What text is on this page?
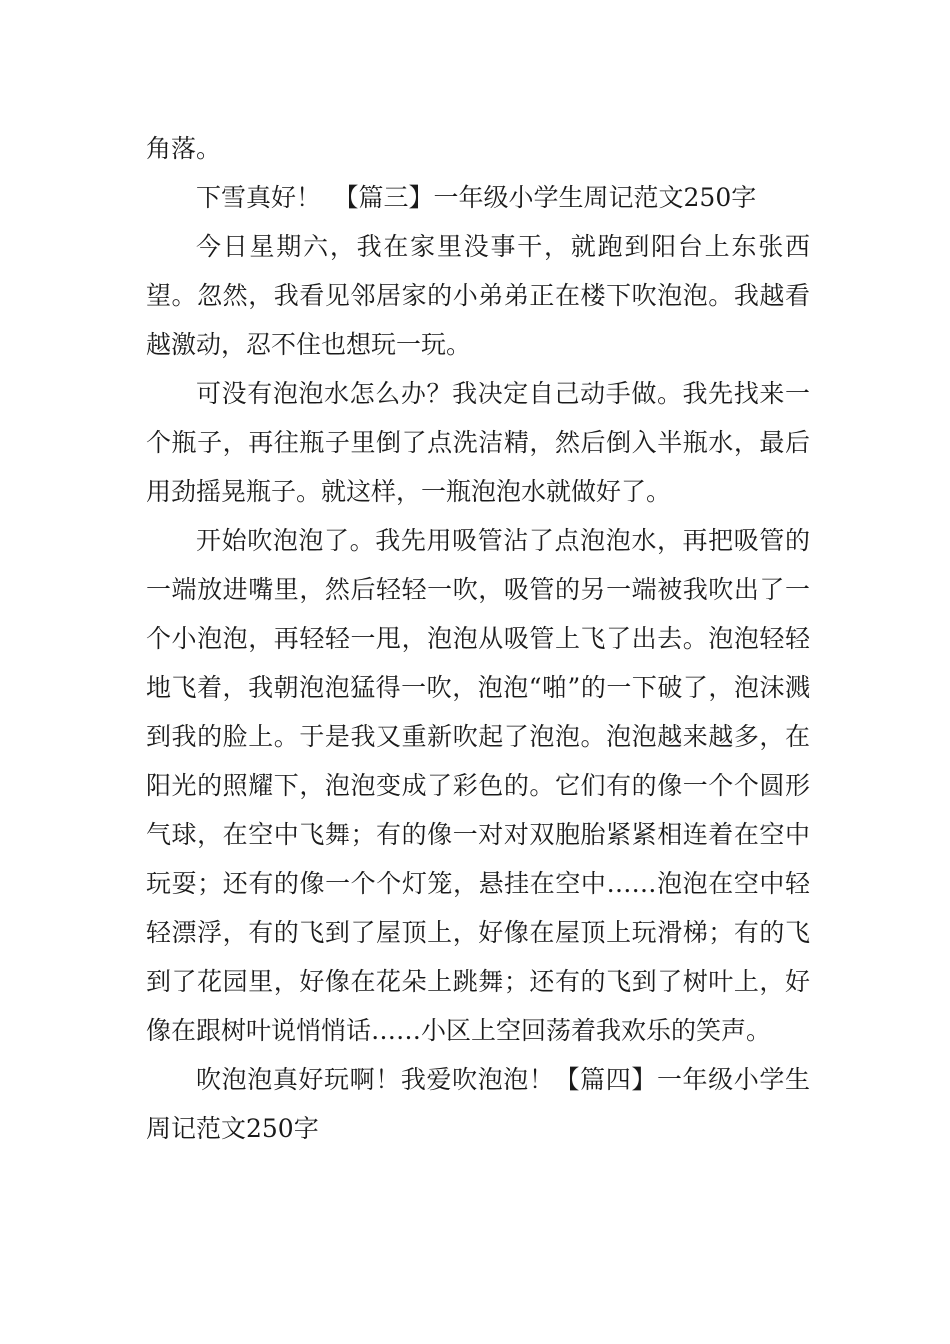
角落。

下雪真好！　【篇三】一年级小学生周记范文250字

今日星期六，我在家里没事干，就跑到阳台上东张西望。忽然，我看见邻居家的小弟弟正在楼下吹泡泡。我越看越激动，忍不住也想玩一玩。

可没有泡泡水怎么办？我决定自己动手做。我先找来一个瓶子，再往瓶子里倒了点洗洁精，然后倒入半瓶水，最后用劲摇晃瓶子。就这样，一瓶泡泡水就做好了。

开始吹泡泡了。我先用吸管沾了点泡泡水，再把吸管的一端放进嘴里，然后轻轻一吹，吸管的另一端被我吹出了一个小泡泡，再轻轻一甩，泡泡从吸管上飞了出去。泡泡轻轻地飞着，我朝泡泡猛得一吹，泡泡“啪”的一下破了，泡沫溅到我的脸上。于是我又重新吹起了泡泡。泡泡越来越多，在阳光的照耀下，泡泡变成了彩色的。它们有的像一个个圆形气球，在空中飞舞；有的像一对对双胞胎紧紧相连着在空中玩耍；还有的像一个个灯笼，悬挂在空中……泡泡在空中轻轻漂浮，有的飞到了屋顶上，好像在屋顶上玩滑梯；有的飞到了花园里，好像在花朵上跳舞；还有的飞到了树叶上，好像在跟树叶说悄悄话……小区上空回荡着我欢乐的笑声。

吹泡泡真好玩啊！我爱吹泡泡！【篇四】一年级小学生周记范文250字
